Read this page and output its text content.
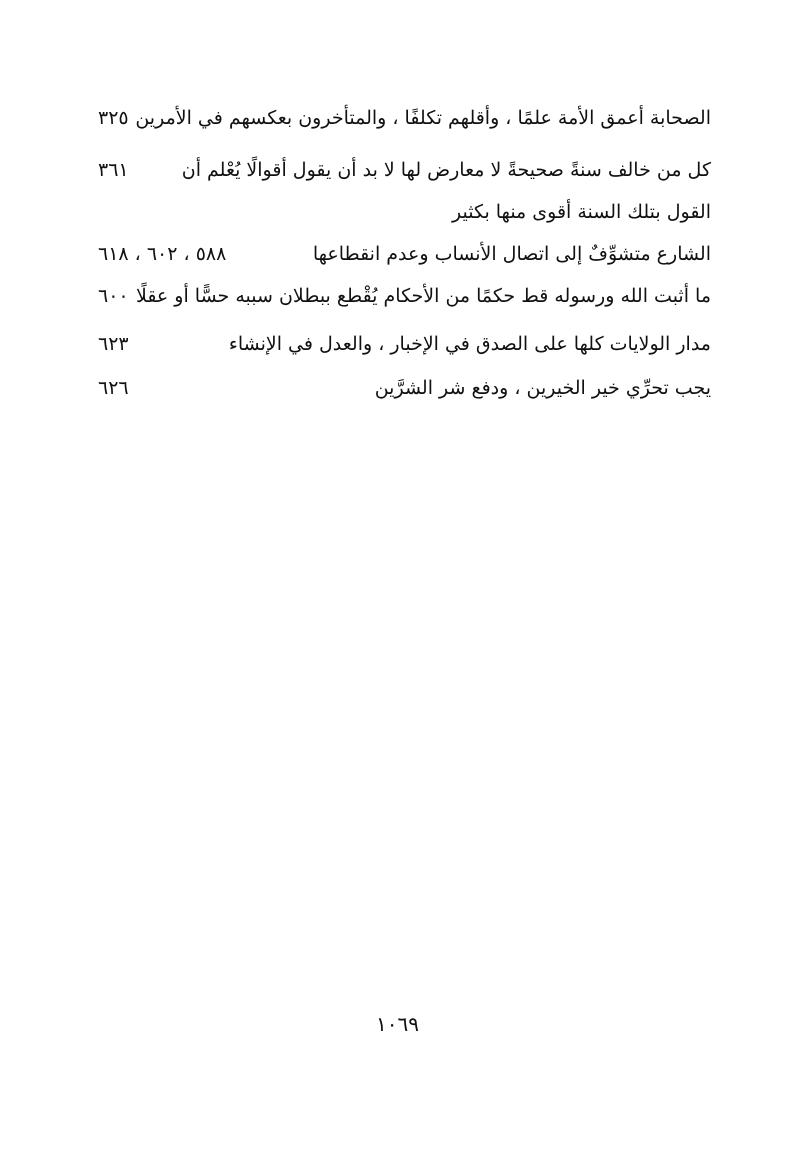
الصحابة أعمق الأمة علمًا ، وأقلهم تكلفًا ، والمتأخرون بعكسهم في الأمرين
٣٢٥
كل من خالف سنةً صحيحةً لا معارض لها لا بد أن يقول أقوالًا يُعْلم أن
٣٦١
القول بتلك السنة أقوى منها بكثير
الشارع متشوِّفٌ إلى اتصال الأنساب وعدم انقطاعها
٥٨٨ ، ٦٠٢ ، ٦١٨
ما أثبت الله ورسوله قط حكمًا من الأحكام يُقْطع ببطلان سببه حسًّا أو عقلًا
٦٠٠
مدار الولايات كلها على الصدق في الإخبار ، والعدل في الإنشاء
٦٢٣
يجب تحرِّي خير الخيرين ، ودفع شر الشرَّين
٦٢٦
١٠٦٩
